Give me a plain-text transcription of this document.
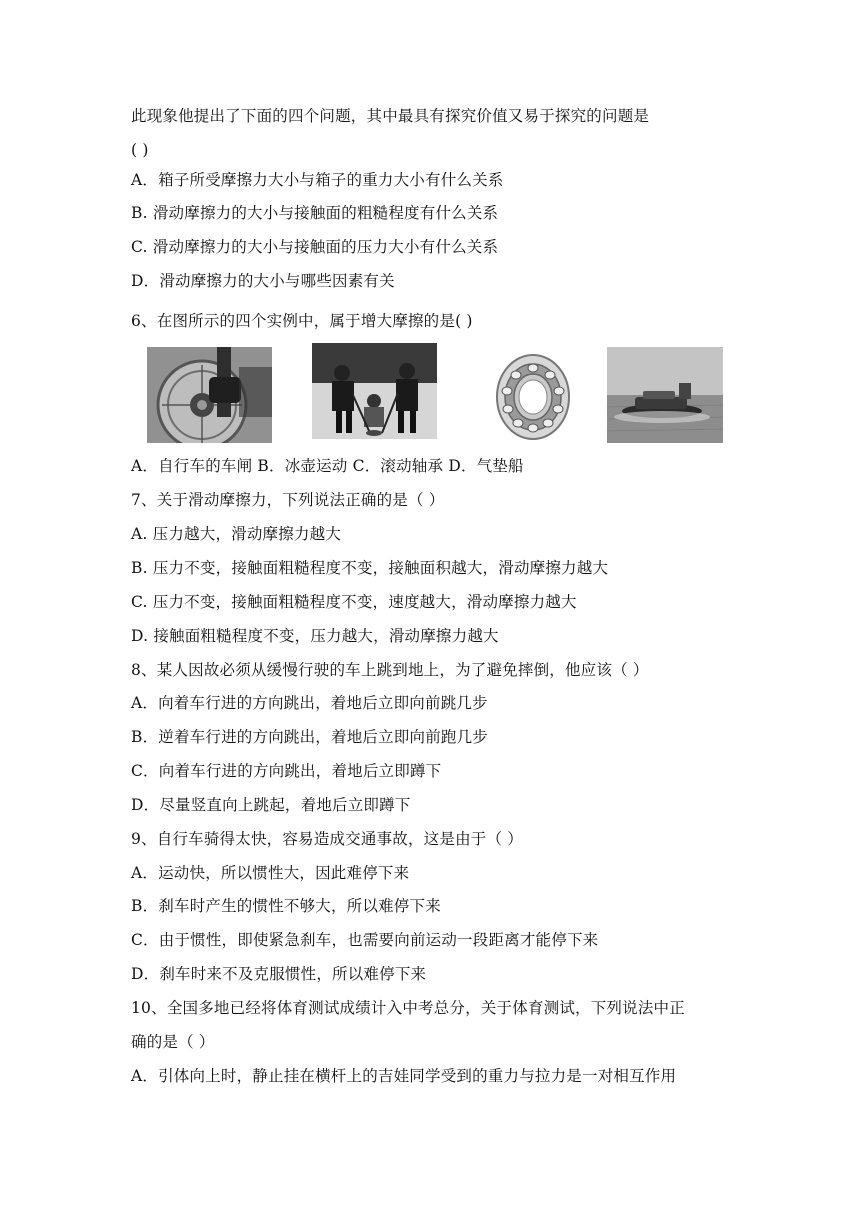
此现象他提出了下面的四个问题，其中最具有探究价值又易于探究的问题是
( )
A．箱子所受摩擦力大小与箱子的重力大小有什么关系
B. 滑动摩擦力的大小与接触面的粗糙程度有什么关系
C. 滑动摩擦力的大小与接触面的压力大小有什么关系
D．滑动摩擦力的大小与哪些因素有关
6、在图所示的四个实例中，属于增大摩擦的是( )
A．自行车的车闸 B．冰壶运动 C．滚动轴承 D．气垫船
7、关于滑动摩擦力，下列说法正确的是（ ）
A. 压力越大，滑动摩擦力越大
B. 压力不变，接触面粗糙程度不变，接触面积越大，滑动摩擦力越大
C. 压力不变，接触面粗糙程度不变，速度越大，滑动摩擦力越大
D. 接触面粗糙程度不变，压力越大，滑动摩擦力越大
8、某人因故必须从缓慢行驶的车上跳到地上，为了避免摔倒，他应该（ ）
A．向着车行进的方向跳出，着地后立即向前跳几步
B．逆着车行进的方向跳出，着地后立即向前跑几步
C．向着车行进的方向跳出，着地后立即蹲下
D．尽量竖直向上跳起，着地后立即蹲下
9、自行车骑得太快，容易造成交通事故，这是由于（ ）
A．运动快，所以惯性大，因此难停下来
B．刹车时产生的惯性不够大，所以难停下来
C．由于惯性，即使紧急刹车，也需要向前运动一段距离才能停下来
D．刹车时来不及克服惯性，所以难停下来
10、全国多地已经将体育测试成绩计入中考总分，关于体育测试，下列说法中正
确的是（ ）
A．引体向上时，静止挂在横杆上的吉娃同学受到的重力与拉力是一对相互作用
